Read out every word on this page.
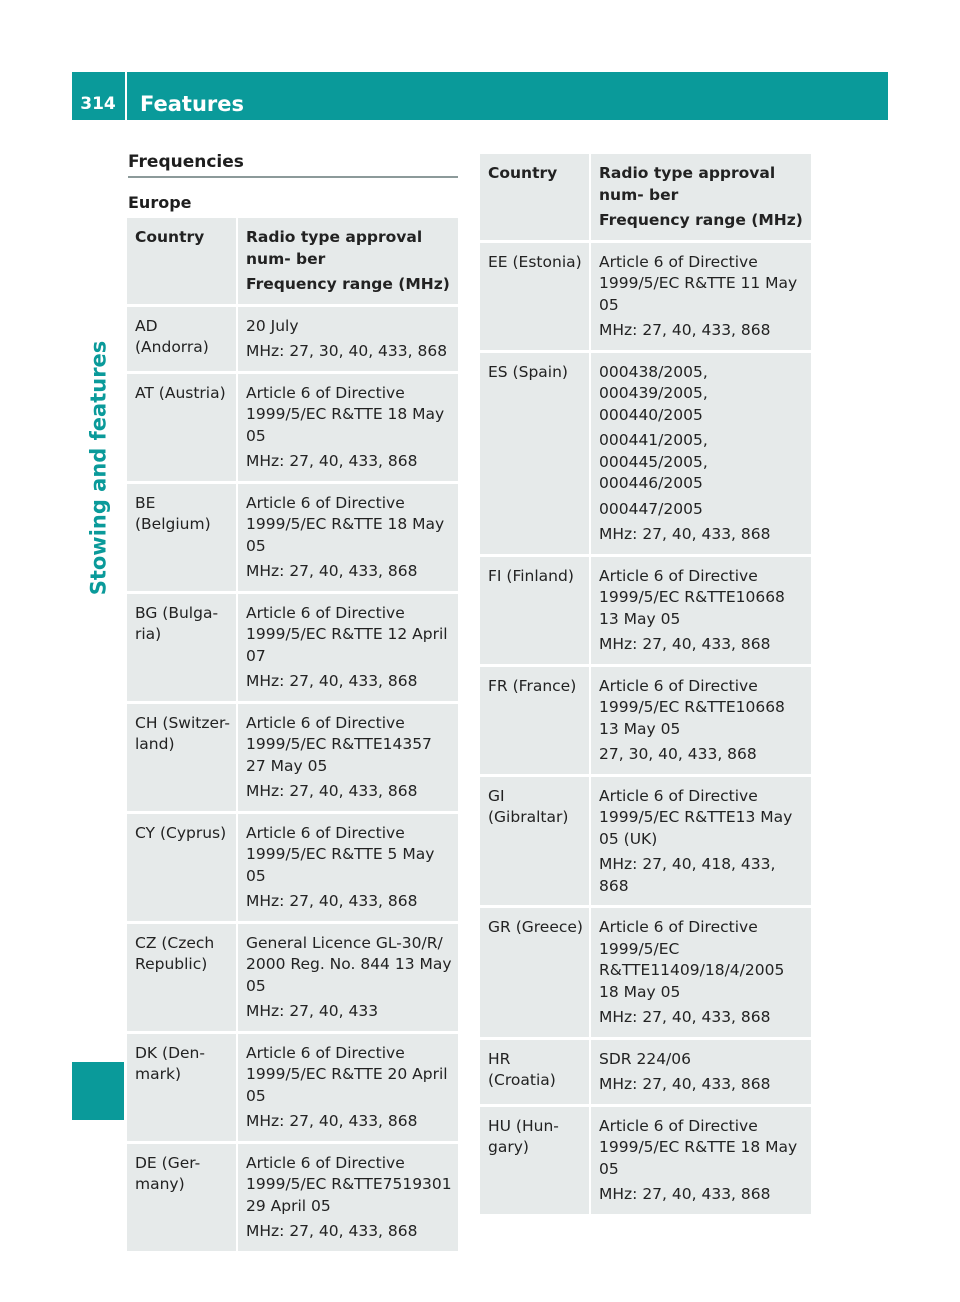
314	Features
Stowing and features
Frequencies
Europe

Country	Radio type approval num- ber

Frequency range (MHz)

AD (Andorra)	20 July

MHz: 27, 30, 40, 433, 868

AT (Austria)	Article 6 of Directive 1999/5/EC R&TTE 18 May 05

MHz: 27, 40, 433, 868

BE (Belgium)	Article 6 of Directive 1999/5/EC R&TTE 18 May 05

MHz: 27, 40, 433, 868

BG (Bulga- ria)	Article 6 of Directive 1999/5/EC R&TTE 12 April 07

MHz: 27, 40, 433, 868

CH (Switzer- land)	Article 6 of Directive 1999/5/EC R&TTE14357 27 May 05

MHz: 27, 40, 433, 868

CY (Cyprus)	Article 6 of Directive 1999/5/EC R&TTE 5 May 05

MHz: 27, 40, 433, 868

CZ (Czech Republic)	General Licence GL-30/R/ 2000 Reg. No. 844 13 May 05

MHz: 27, 40, 433

DK (Den- mark)	Article 6 of Directive 1999/5/EC R&TTE 20 April 05

MHz: 27, 40, 433, 868

DE (Ger- many)	Article 6 of Directive 1999/5/EC R&TTE7519301 29 April 05

MHz: 27, 40, 433, 868

Country	Radio type approval num- ber

Frequency range (MHz)

EE (Estonia)	Article 6 of Directive 1999/5/EC R&TTE 11 May 05

MHz: 27, 40, 433, 868

ES (Spain)	000438/2005, 000439/2005, 000440/2005

000441/2005, 000445/2005, 000446/2005

000447/2005

MHz: 27, 40, 433, 868

FI (Finland)	Article 6 of Directive 1999/5/EC R&TTE10668 13 May 05

MHz: 27, 40, 433, 868

FR (France)	Article 6 of Directive 1999/5/EC R&TTE10668 13 May 05

27, 30, 40, 433, 868

GI (Gibraltar)	Article 6 of Directive 1999/5/EC R&TTE13 May 05 (UK)

MHz: 27, 40, 418, 433, 868

GR (Greece)	Article 6 of Directive 1999/5/EC R&TTE11409/18/4/2005 18 May 05

MHz: 27, 40, 433, 868

HR (Croatia)	SDR 224/06

MHz: 27, 40, 433, 868

HU (Hun- gary)	Article 6 of Directive 1999/5/EC R&TTE 18 May 05

MHz: 27, 40, 433, 868
